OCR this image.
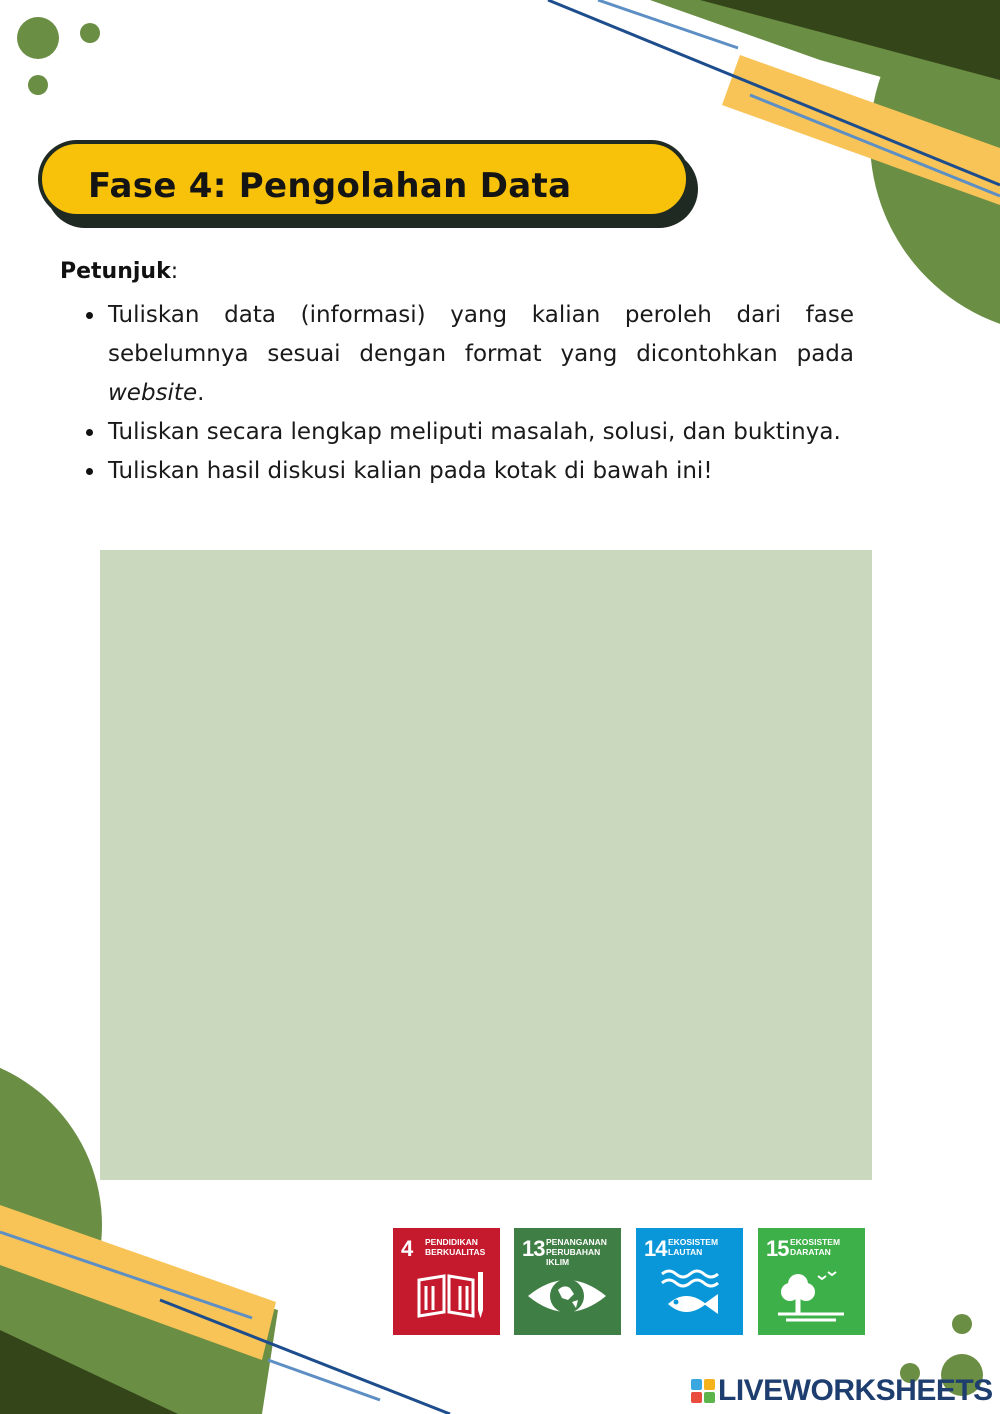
Fase 4: Pengolahan Data
Petunjuk:
Tuliskan data (informasi) yang kalian peroleh dari fase sebelumnya sesuai dengan format yang dicontohkan pada website.
Tuliskan secara lengkap meliputi masalah, solusi, dan buktinya.
Tuliskan hasil diskusi kalian pada kotak di bawah ini!
4 PENDIDIKAN BERKUALITAS	13 PENANGANAN PERUBAHAN IKLIM
14 EKOSISTEM LAUTAN	15 EKOSISTEM DARATAN
LIVEWORKSHEETS
